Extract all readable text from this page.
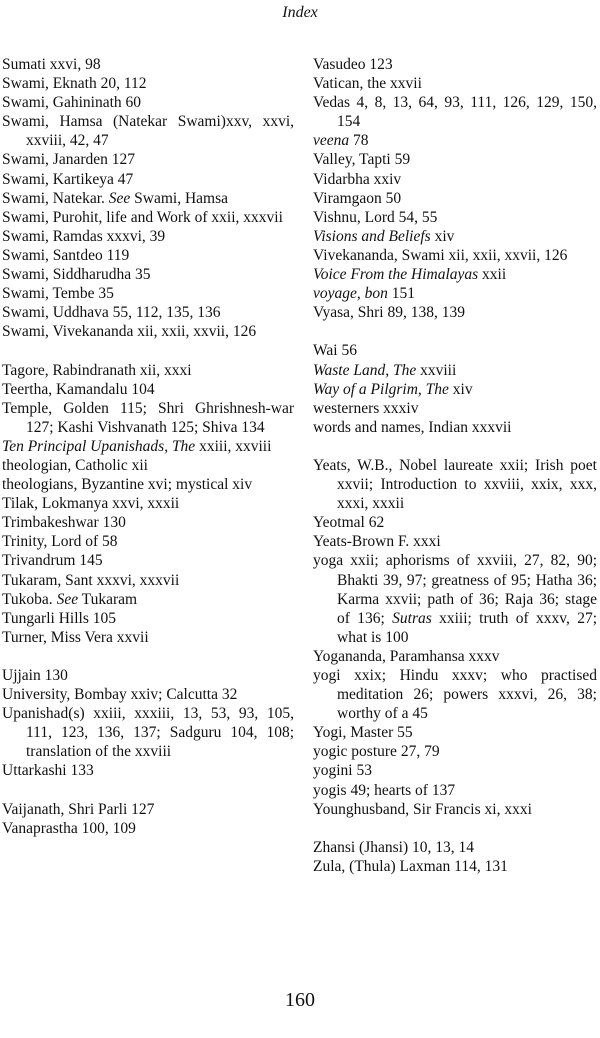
Index
Sumati xxvi, 98
Swami, Eknath 20, 112
Swami, Gahininath 60
Swami, Hamsa (Natekar Swami)xxv, xxvi, xxviii, 42, 47
Swami, Janarden 127
Swami, Kartikeya 47
Swami, Natekar. See Swami, Hamsa
Swami, Purohit, life and Work of xxii, xxxvii
Swami, Ramdas xxxvi, 39
Swami, Santdeo 119
Swami, Siddharudha 35
Swami, Tembe 35
Swami, Uddhava 55, 112, 135, 136
Swami, Vivekananda xii, xxii, xxvii, 126
Tagore, Rabindranath xii, xxxi
Teertha, Kamandalu 104
Temple, Golden 115; Shri Ghrishnesh-war 127; Kashi Vishvanath 125; Shiva 134
Ten Principal Upanishads, The xxiii, xxviii
theologian, Catholic xii
theologians, Byzantine xvi; mystical xiv
Tilak, Lokmanya xxvi, xxxii
Trimbakeshwar 130
Trinity, Lord of 58
Trivandrum 145
Tukaram, Sant xxxvi, xxxvii
Tukoba. See Tukaram
Tungarli Hills 105
Turner, Miss Vera xxvii
Ujjain 130
University, Bombay xxiv; Calcutta 32
Upanishad(s) xxiii, xxxiii, 13, 53, 93, 105, 111, 123, 136, 137; Sadguru 104, 108; translation of the xxviii
Uttarkashi 133
Vaijanath, Shri Parli 127
Vanaprastha 100, 109
Vasudeo 123
Vatican, the xxvii
Vedas 4, 8, 13, 64, 93, 111, 126, 129, 150, 154
veena 78
Valley, Tapti 59
Vidarbha xxiv
Viramgaon 50
Vishnu, Lord 54, 55
Visions and Beliefs xiv
Vivekananda, Swami xii, xxii, xxvii, 126
Voice From the Himalayas xxii
voyage, bon 151
Vyasa, Shri 89, 138, 139
Wai 56
Waste Land, The xxviii
Way of a Pilgrim, The xiv
westerners xxxiv
words and names, Indian xxxvii
Yeats, W.B., Nobel laureate xxii; Irish poet xxvii; Introduction to xxviii, xxix, xxx, xxxi, xxxii
Yeotmal 62
Yeats-Brown F. xxxi
yoga xxii; aphorisms of xxviii, 27, 82, 90; Bhakti 39, 97; greatness of 95; Hatha 36; Karma xxvii; path of 36; Raja 36; stage of 136; Sutras xxiii; truth of xxxv, 27; what is 100
Yogananda, Paramhansa xxxv
yogi xxix; Hindu xxxv; who practised meditation 26; powers xxxvi, 26, 38; worthy of a 45
Yogi, Master 55
yogic posture 27, 79
yogini 53
yogis 49; hearts of 137
Younghusband, Sir Francis xi, xxxi
Zhansi (Jhansi) 10, 13, 14
Zula, (Thula) Laxman 114, 131
160
